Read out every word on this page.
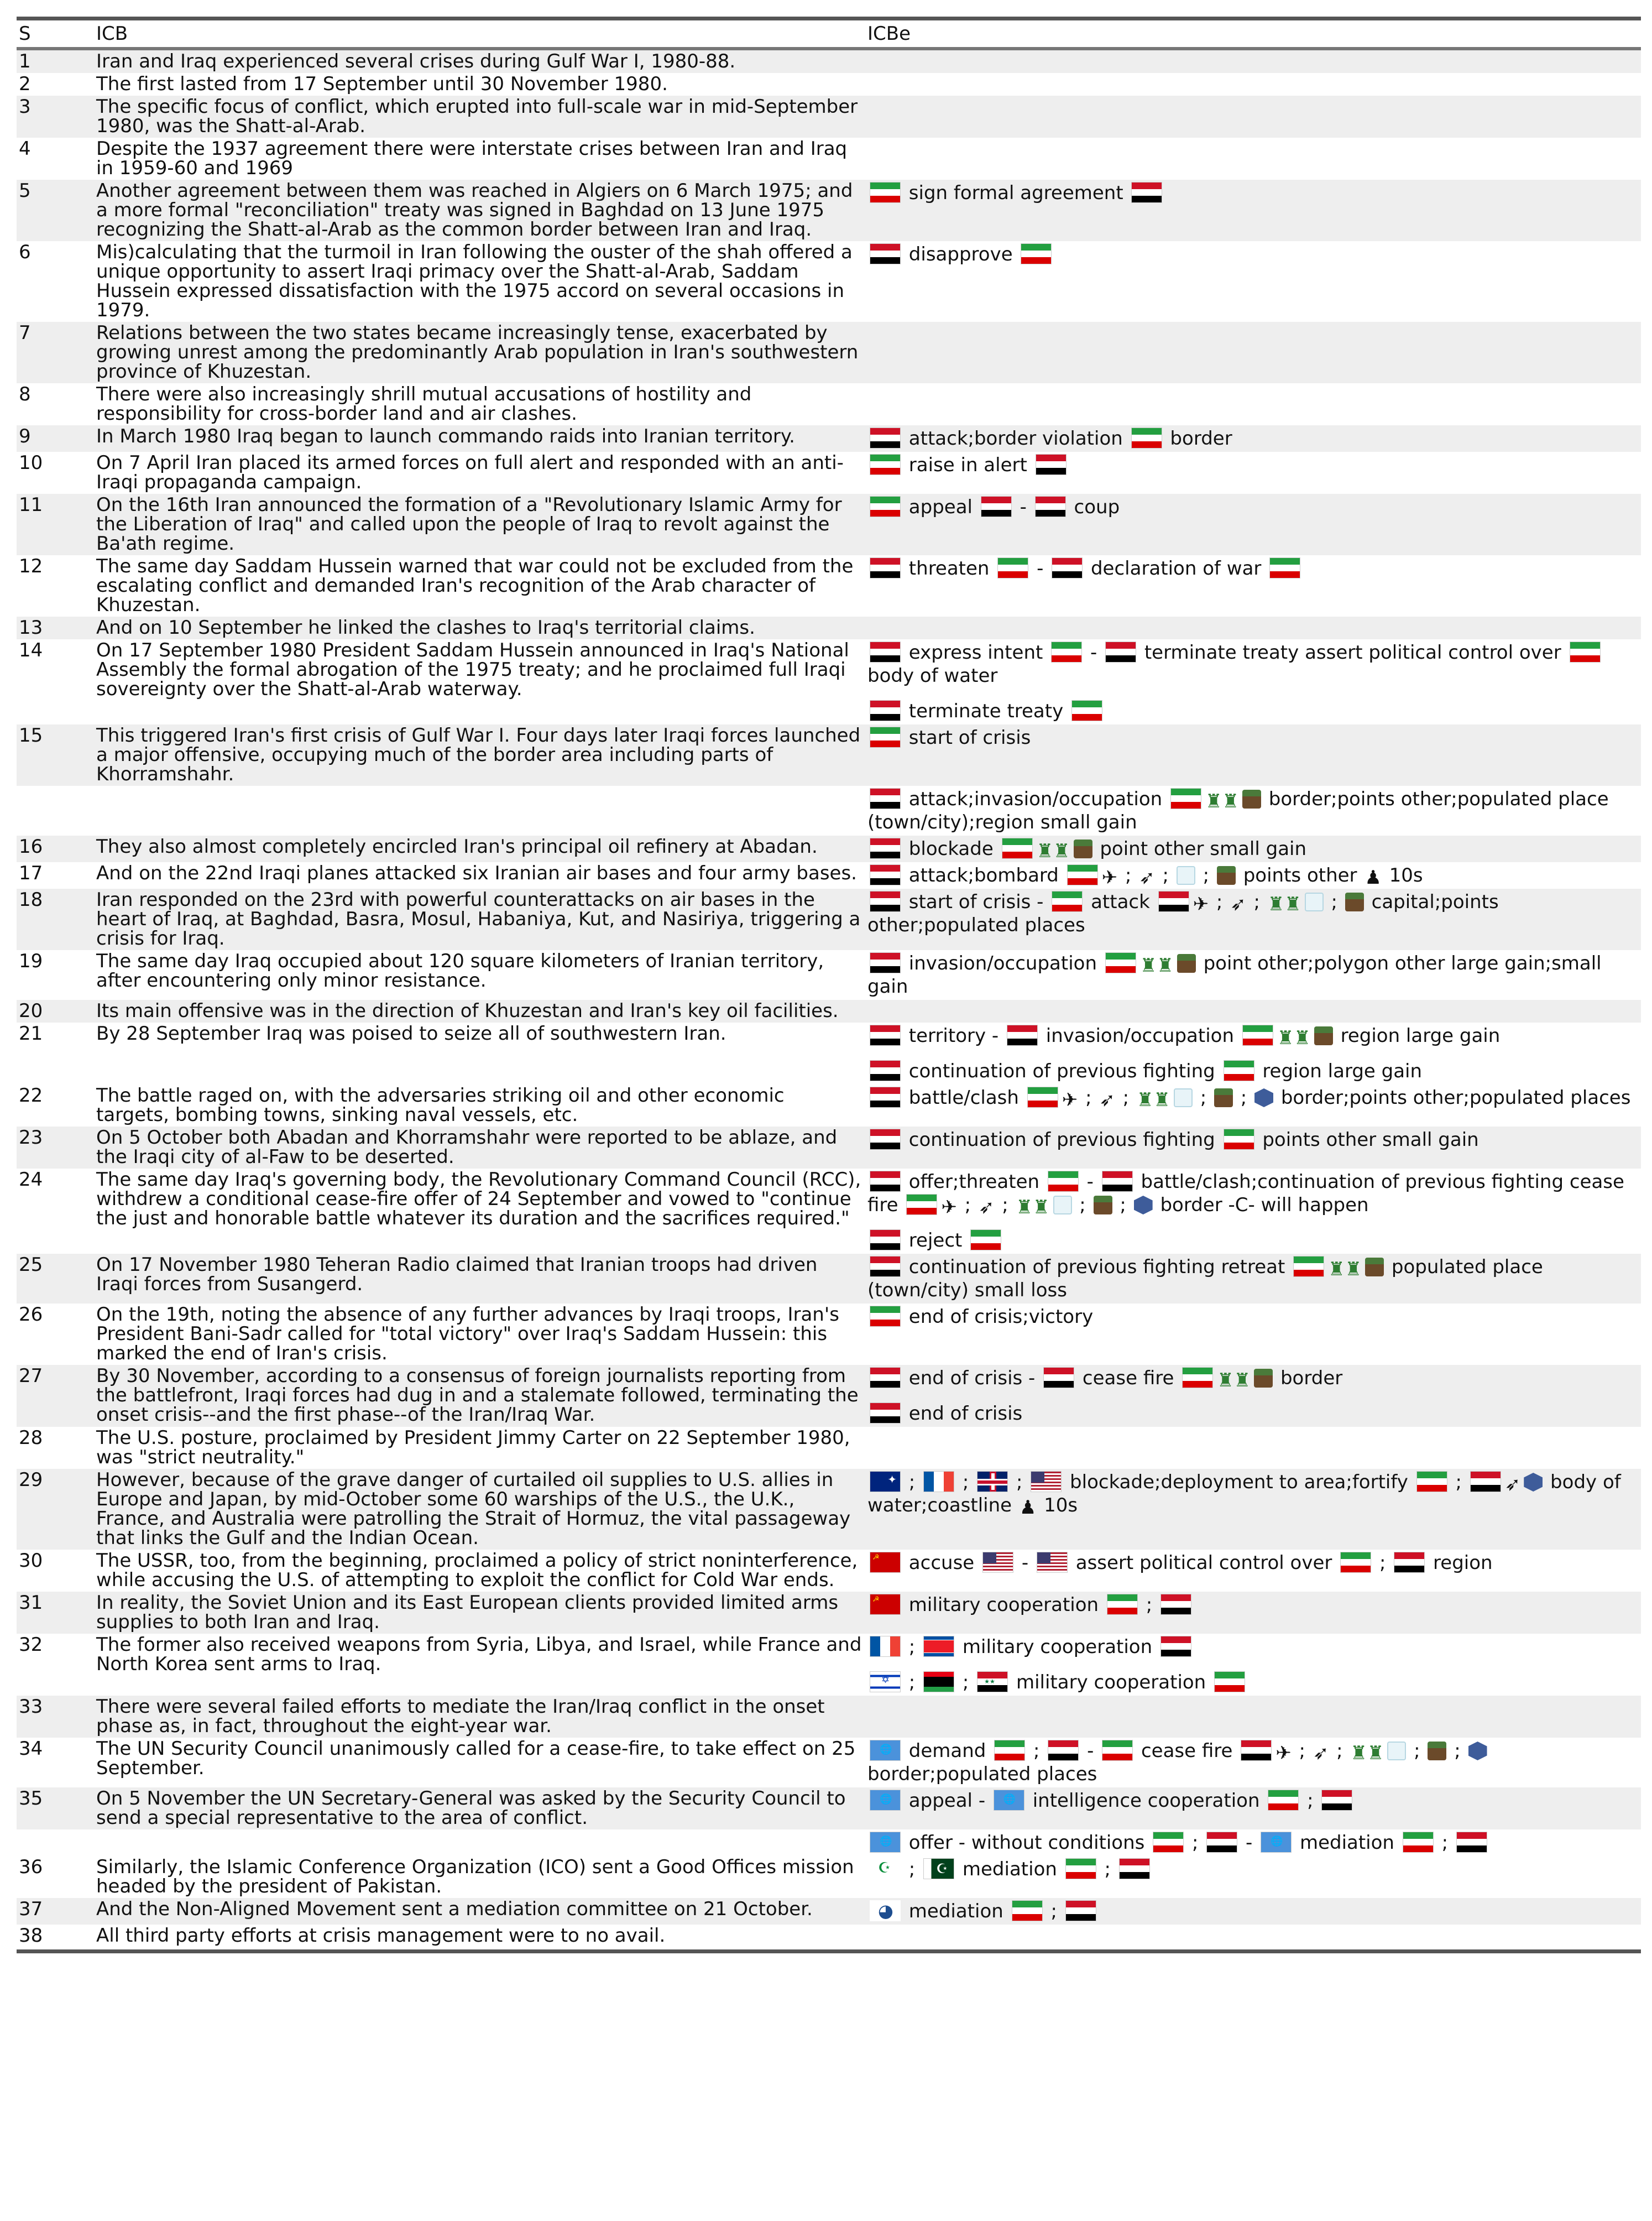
S	ICB	ICBe
1	Iran and Iraq experienced several crises during Gulf War I, 1980-88.
2	The first lasted from 17 September until 30 November 1980.
3	The specific focus of conflict, which erupted into full-scale war in mid-September 1980, was the Shatt-al-Arab.
4	Despite the 1937 agreement there were interstate crises between Iran and Iraq in 1959-60 and 1969
5	Another agreement between them was reached in Algiers on 6 March 1975; and a more formal "reconciliation" treaty was signed in Baghdad on 13 June 1975 recognizing the Shatt-al-Arab as the common border between Iran and Iraq.
sign formal agreement
6	Mis)calculating that the turmoil in Iran following the ouster of the shah offered a unique opportunity to assert Iraqi primacy over the Shatt-al-Arab, Saddam Hussein expressed dissatisfaction with the 1975 accord on several occasions in 1979.
disapprove
7	Relations between the two states became increasingly tense, exacerbated by growing unrest among the predominantly Arab population in Iran's southwestern province of Khuzestan.
8	There were also increasingly shrill mutual accusations of hostility and responsibility for cross-border land and air clashes.
9	In March 1980 Iraq began to launch commando raids into Iranian territory.	attack;border violation  border
10	On 7 April Iran placed its armed forces on full alert and responded with an anti-Iraqi propaganda campaign.
raise in alert
11	On the 16th Iran announced the formation of a "Revolutionary Islamic Army for the Liberation of Iraq" and called upon the people of Iraq to revolt against the Ba'ath regime.
appeal  -  coup
12	The same day Saddam Hussein warned that war could not be excluded from the escalating conflict and demanded Iran's recognition of the Arab character of Khuzestan.
threaten  -  declaration of war
13	And on 10 September he linked the clashes to Iraq's territorial claims.
14	On 17 September 1980 President Saddam Hussein announced in Iraq's National Assembly the formal abrogation of the 1975 treaty; and he proclaimed full Iraqi sovereignty over the Shatt-al-Arab waterway.
express intent  -  terminate treaty assert political control over  body of water
terminate treaty
15	This triggered Iran's first crisis of Gulf War I. Four days later Iraqi forces launched a major offensive, occupying much of the border area including parts of Khorramshahr.
start of crisis
attack;invasion/occupation ♜♜ border;points other;populated place (town/city);region small gain
16	They also almost completely encircled Iran's principal oil refinery at Abadan.	blockade ♜♜ point other small gain
17	And on the 22nd Iraqi planes attacked six Iranian air bases and four army bases.	attack;bombard ✈ ; ➶ ;  ;  points other ♟ 10s
18	Iran responded on the 23rd with powerful counterattacks on air bases in the heart of Iraq, at Baghdad, Basra, Mosul, Habaniya, Kut, and Nasiriya, triggering a crisis for Iraq.
start of crisis -  attack ✈ ; ➶ ; ♜♜ ;  capital;points other;populated places
19	The same day Iraq occupied about 120 square kilometers of Iranian territory, after encountering only minor resistance.
invasion/occupation ♜♜ point other;polygon other large gain;small gain
20	Its main offensive was in the direction of Khuzestan and Iran's key oil facilities.
21	By 28 September Iraq was poised to seize all of southwestern Iran.	territory -  invasion/occupation ♜♜ region large gain
continuation of previous fighting  region large gain
22	The battle raged on, with the adversaries striking oil and other economic targets, bombing towns, sinking naval vessels, etc.
battle/clash ✈ ; ➶ ; ♜♜ ;  ;  border;points other;populated places
23	On 5 October both Abadan and Khorramshahr were reported to be ablaze, and the Iraqi city of al-Faw to be deserted.
continuation of previous fighting  points other small gain
24	The same day Iraq's governing body, the Revolutionary Command Council (RCC), withdrew a conditional cease-fire offer of 24 September and vowed to "continue the just and honorable battle whatever its duration and the sacrifices required."
offer;threaten  -  battle/clash;continuation of previous fighting cease fire ✈ ; ➶ ; ♜♜ ;  ;  border -C- will happen
reject
25	On 17 November 1980 Teheran Radio claimed that Iranian troops had driven Iraqi forces from Susangerd.
continuation of previous fighting retreat ♜♜ populated place (town/city) small loss
26	On the 19th, noting the absence of any further advances by Iraqi troops, Iran's President Bani-Sadr called for "total victory" over Iraq's Saddam Hussein: this marked the end of Iran's crisis.
end of crisis;victory
27	By 30 November, according to a consensus of foreign journalists reporting from the battlefront, Iraqi forces had dug in and a stalemate followed, terminating the onset crisis--and the first phase--of the Iran/Iraq War.
end of crisis -  cease fire ♜♜ border
end of crisis
28	The U.S. posture, proclaimed by President Jimmy Carter on 22 September 1980, was "strict neutrality."
29	However, because of the grave danger of curtailed oil supplies to U.S. allies in Europe and Japan, by mid-October some 60 warships of the U.S., the U.K., France, and Australia were patrolling the Strait of Hormuz, the vital passageway that links the Gulf and the Indian Ocean.
✦ ;  ;  ;  blockade;deployment to area;fortify  ; ➶ body of water;coastline ♟ 10s
30	The USSR, too, from the beginning, proclaimed a policy of strict noninterference, while accusing the U.S. of attempting to exploit the conflict for Cold War ends.
☭ accuse  -  assert political control over  ;  region
31	In reality, the Soviet Union and its East European clients provided limited arms supplies to both Iran and Iraq.
☭ military cooperation  ;
32	The former also received weapons from Syria, Libya, and Israel, while France and North Korea sent arms to Iraq.
;  military cooperation
✡ ;  ; ★★ military cooperation
33	There were several failed efforts to mediate the Iran/Iraq conflict in the onset phase as, in fact, throughout the eight-year war.
34	The UN Security Council unanimously called for a cease-fire, to take effect on 25 September.
🌐 demand  ;  -  cease fire ✈ ; ➶ ; ♜♜ ;  ;  border;populated places
35	On 5 November the UN Secretary-General was asked by the Security Council to send a special representative to the area of conflict.
🌐 appeal - 🌐 intelligence cooperation  ;
🌐 offer - without conditions  ;  - 🌐 mediation  ;
36	Similarly, the Islamic Conference Organization (ICO) sent a Good Offices mission headed by the president of Pakistan.
☪ ; ☪ mediation  ;
37	And the Non-Aligned Movement sent a mediation committee on 21 October.
◕	mediation  ;
38	All third party efforts at crisis management were to no avail.
